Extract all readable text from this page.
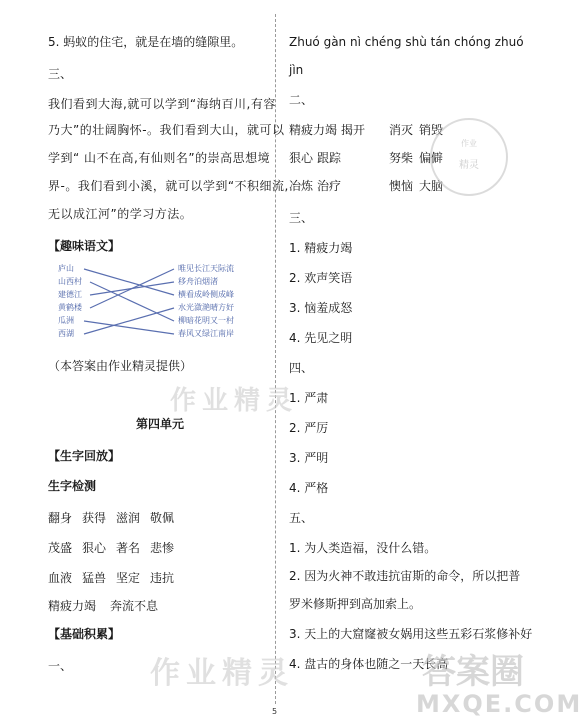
5. 蚂蚁的住宅，就是在墙的缝隙里。
三、
我们看到大海,就可以学到“海纳百川,有容
乃大”的壮阔胸怀-。我们看到大山，就可以
学到“ 山不在高,有仙则名”的崇高思想境
界-。我们看到小溪，就可以学到“不积细流,
无以成江河”的学习方法。
【趣味语文】
庐山
山西村
建德江
黄鹤楼
瓜洲
西湖
唯见长江天际流
移舟泊烟渚
横看成岭侧成峰
水光潋滟晴方好
柳暗花明又一村
春风又绿江南岸
（本答案由作业精灵提供）
作业精灵
第四单元
【生字回放】
生字检测
翻身 获得 滋润 敬佩
茂盛 狠心 著名 悲惨
血液 猛兽 坚定 违抗
精疲力竭 奔流不息
【基础积累】
一、	作业精灵
Zhuó gàn nì chéng shù tán chóng zhuó
jìn
二、
精疲力竭 揭开 消灭 销毁
狠心 跟踪	努柴 偏僻
冶炼 治疗	懊恼 大脑
作业
精灵
三、
1. 精疲力竭
2. 欢声笑语
3. 恼羞成怒
4. 先见之明
四、
1. 严肃
2. 严厉
3. 严明
4. 严格
五、
1. 为人类造福，没什么错。
2. 因为火神不敢违抗宙斯的命令，所以把普
罗米修斯押到高加索上。
3. 天上的大窟窿被女娲用这些五彩石浆修补好
4. 盘古的身体也随之一天长高
答案圈
MXQE.COM
5
